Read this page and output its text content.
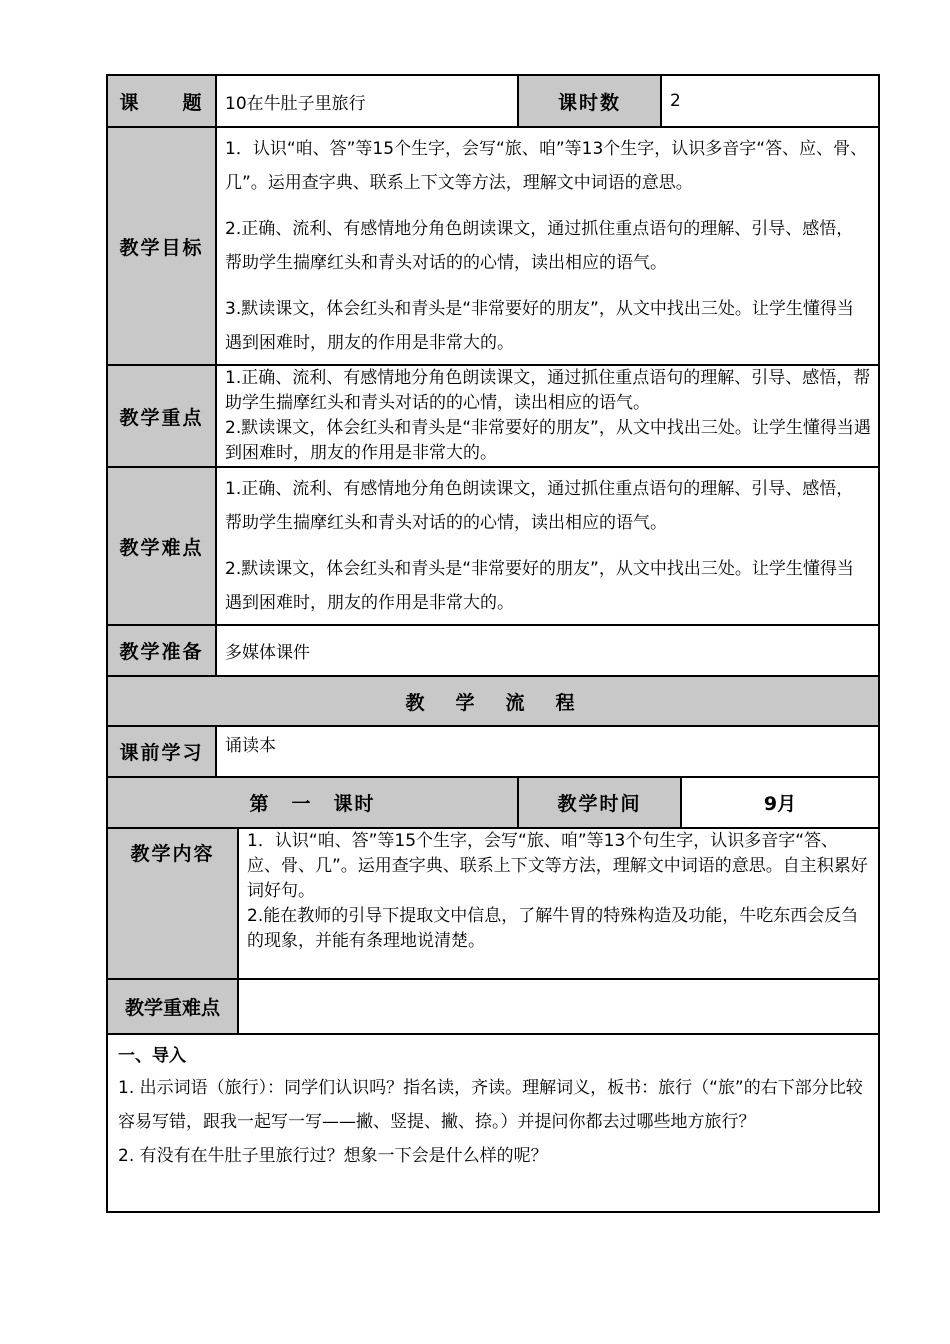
课　　题	10在牛肚子里旅行		课时数	2	
教学目标	1．认识“咱、答”等15个生字，会写“旅、咱”等13个生字，认识多音字“答、应、骨、几”。运用查字典、联系上下文等方法，理解文中词语的意思。

2.正确、流利、有感情地分角色朗读课文，通过抓住重点语句的理解、引导、感悟，帮助学生揣摩红头和青头对话的的心情，读出相应的语气。

3.默读课文，体会红头和青头是“非常要好的朋友”，从文中找出三处。让学生懂得当遇到困难时，朋友的作用是非常大的。				

教学重点	1.正确、流利、有感情地分角色朗读课文，通过抓住重点语句的理解、引导、感悟，帮助学生揣摩红头和青头对话的的心情，读出相应的语气。

2.默读课文，体会红头和青头是“非常要好的朋友”，从文中找出三处。让学生懂得当遇到困难时，朋友的作用是非常大的。				

教学难点	1.正确、流利、有感情地分角色朗读课文，通过抓住重点语句的理解、引导、感悟，帮助学生揣摩红头和青头对话的的心情，读出相应的语气。

2.默读课文，体会红头和青头是“非常要好的朋友”，从文中找出三处。让学生懂得当遇到困难时，朋友的作用是非常大的。				

教学准备	多媒体课件				
教　学　流　程					
课前学习	诵读本				
第　一　课时			教学时间		9月
教学内容		1．认识“咱、答”等15个生字，会写“旅、咱”等13个句生字，认识多音字“答、应、骨、几”。运用查字典、联系上下文等方法，理解文中词语的意思。自主积累好词好句。

2.能在教师的引导下提取文中信息，了解牛胃的特殊构造及功能，牛吃东西会反刍的现象，并能有条理地说清楚。			

教学重难点					

一、导入

1. 出示词语（旅行）：同学们认识吗？指名读，齐读。理解词义，板书：旅行（“旅”的右下部分比较容易写错，跟我一起写一写——撇、竖提、撇、捺。）并提问你都去过哪些地方旅行？

2. 有没有在牛肚子里旅行过？想象一下会是什么样的呢？					
